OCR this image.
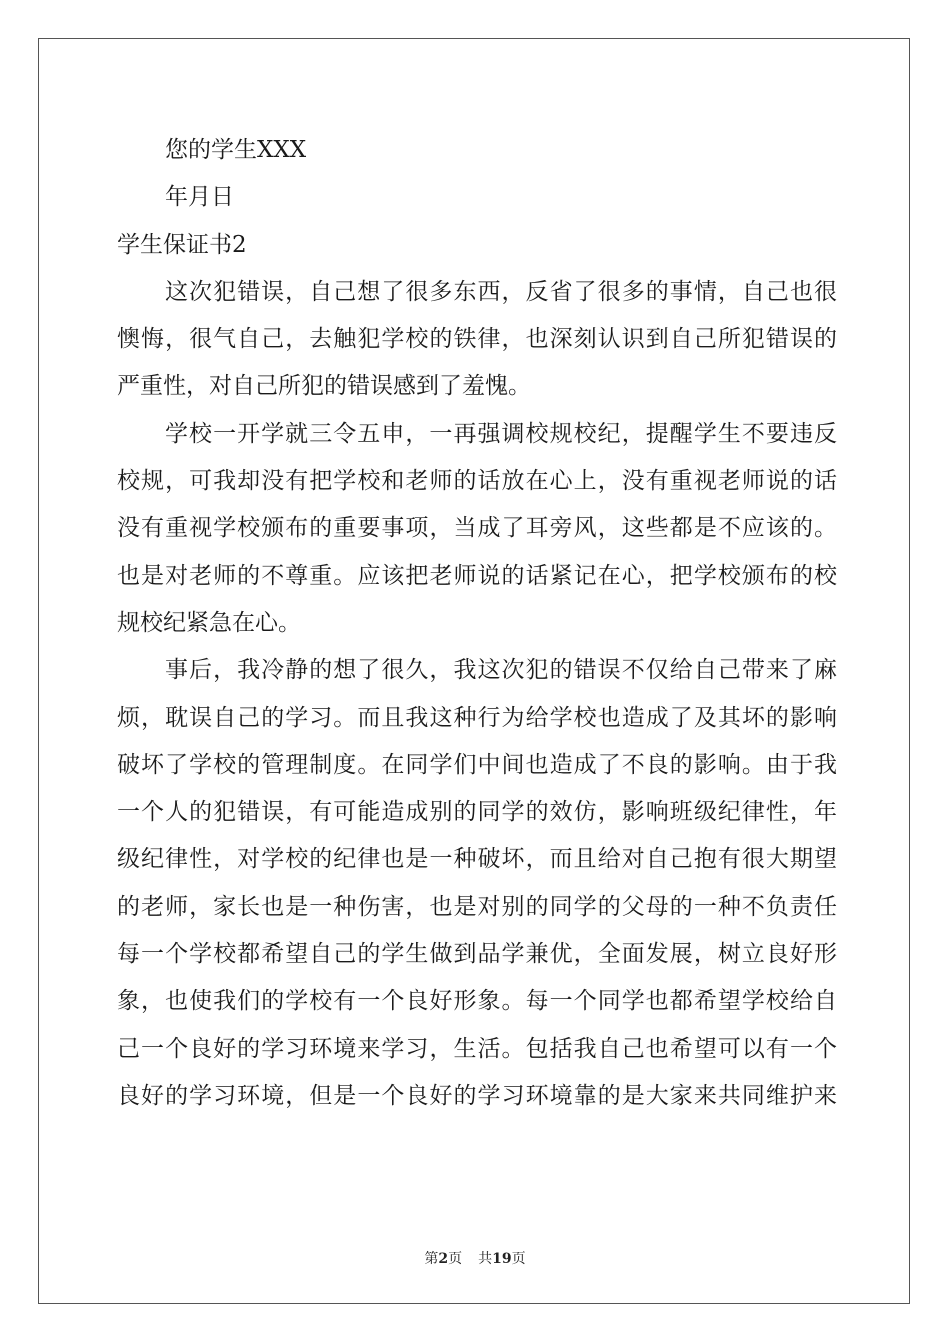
您的学生XXX
年月日
学生保证书2
这次犯错误，自己想了很多东西，反省了很多的事情，自己也很
懊悔，很气自己，去触犯学校的铁律，也深刻认识到自己所犯错误的
严重性，对自己所犯的错误感到了羞愧。
学校一开学就三令五申，一再强调校规校纪，提醒学生不要违反
校规，可我却没有把学校和老师的话放在心上，没有重视老师说的话
没有重视学校颁布的重要事项，当成了耳旁风，这些都是不应该的。
也是对老师的不尊重。应该把老师说的话紧记在心，把学校颁布的校
规校纪紧急在心。
事后，我冷静的想了很久，我这次犯的错误不仅给自己带来了麻
烦，耽误自己的学习。而且我这种行为给学校也造成了及其坏的影响
破坏了学校的管理制度。在同学们中间也造成了不良的影响。由于我
一个人的犯错误，有可能造成别的同学的效仿，影响班级纪律性，年
级纪律性，对学校的纪律也是一种破坏，而且给对自己抱有很大期望
的老师，家长也是一种伤害，也是对别的同学的父母的一种不负责任
每一个学校都希望自己的学生做到品学兼优，全面发展，树立良好形
象，也使我们的学校有一个良好形象。每一个同学也都希望学校给自
己一个良好的学习环境来学习，生活。包括我自己也希望可以有一个
良好的学习环境，但是一个良好的学习环境靠的是大家来共同维护来
第2页 共19页
